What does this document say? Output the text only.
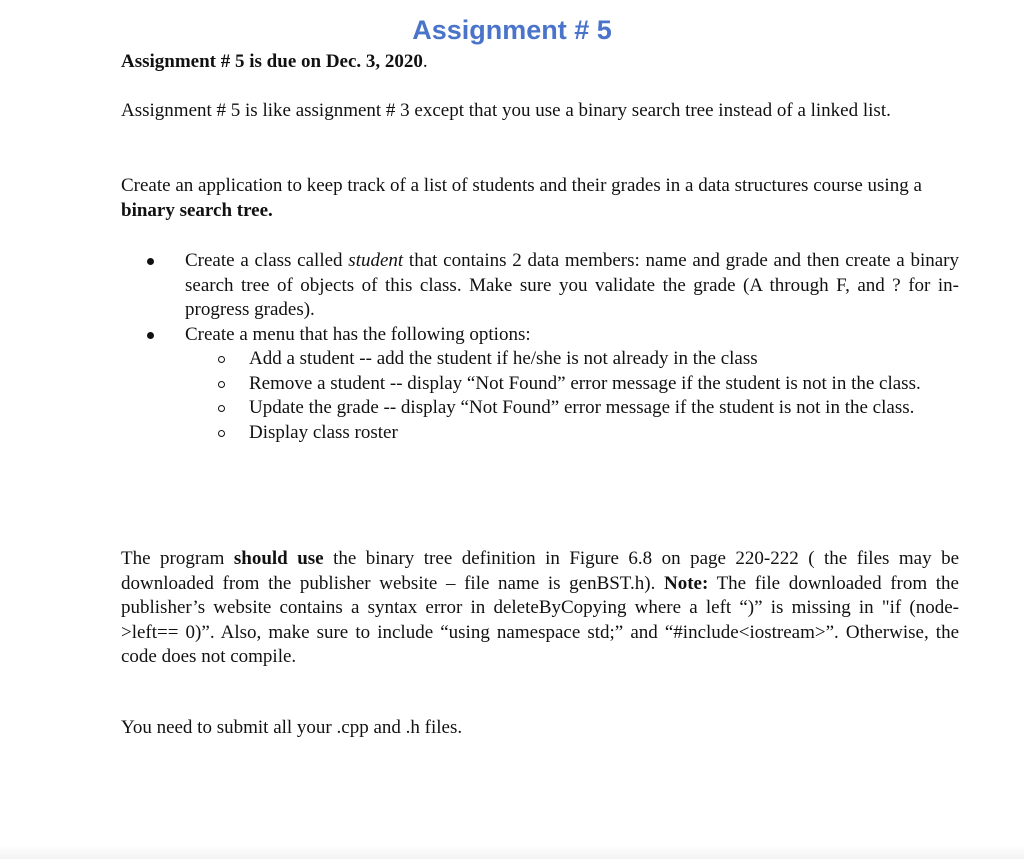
Assignment # 5

Assignment # 5 is due on Dec. 3, 2020.

Assignment # 5 is like assignment # 3 except that you use a binary search tree instead of a linked list.

Create an application to keep track of a list of students and their grades in a data structures course using a binary search tree.

Create a class called student that contains 2 data members: name and grade and then create a binary search tree of objects of this class. Make sure you validate the grade (A through F, and ? for in-progress grades).
Create a menu that has the following options:
Add a student -- add the student if he/she is not already in the class
Remove a student -- display “Not Found” error message if the student is not in the class.
Update the grade -- display “Not Found” error message if the student is not in the class.
Display class roster

The program should use the binary tree definition in Figure 6.8 on page 220-222 ( the files may be downloaded from the publisher website – file name is genBST.h). Note: The file downloaded from the publisher’s website contains a syntax error in deleteByCopying where a left “)” is missing in "if (node->left== 0)”. Also, make sure to include “using namespace std;” and “#include<iostream>”. Otherwise, the code does not compile.

You need to submit all your .cpp and .h files.
